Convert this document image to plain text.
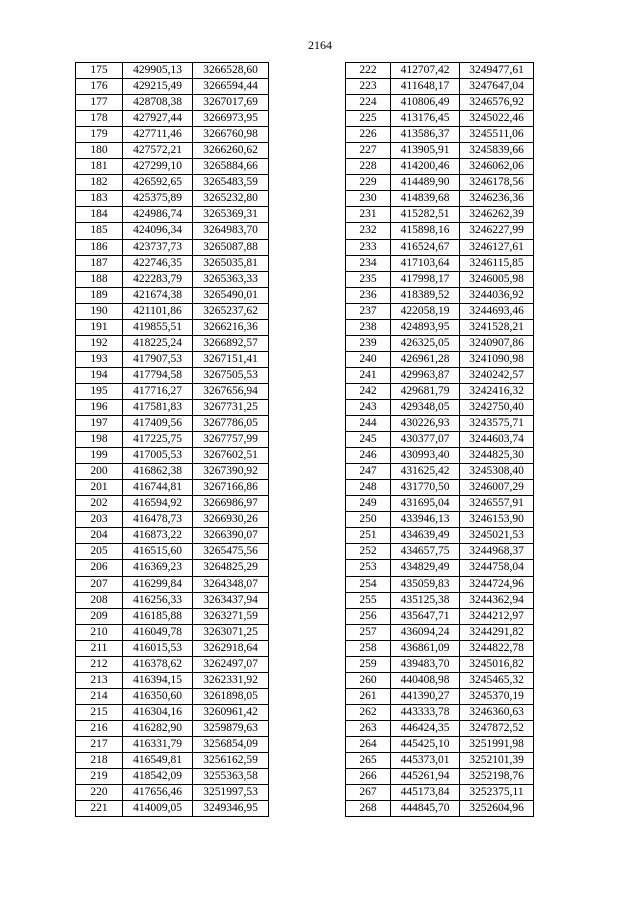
2164
175	429905,13	3266528,60
176	429215,49	3266594,44
177	428708,38	3267017,69
178	427927,44	3266973,95
179	427711,46	3266760,98
180	427572,21	3266260,62
181	427299,10	3265884,66
182	426592,65	3265483,59
183	425375,89	3265232,80
184	424986,74	3265369,31
185	424096,34	3264983,70
186	423737,73	3265087,88
187	422746,35	3265035,81
188	422283,79	3265363,33
189	421674,38	3265490,01
190	421101,86	3265237,62
191	419855,51	3266216,36
192	418225,24	3266892,57
193	417907,53	3267151,41
194	417794,58	3267505,53
195	417716,27	3267656,94
196	417581,83	3267731,25
197	417409,56	3267786,05
198	417225,75	3267757,99
199	417005,53	3267602,51
200	416862,38	3267390,92
201	416744,81	3267166,86
202	416594,92	3266986,97
203	416478,73	3266930,26
204	416873,22	3266390,07
205	416515,60	3265475,56
206	416369,23	3264825,29
207	416299,84	3264348,07
208	416256,33	3263437,94
209	416185,88	3263271,59
210	416049,78	3263071,25
211	416015,53	3262918,64
212	416378,62	3262497,07
213	416394,15	3262331,92
214	416350,60	3261898,05
215	416304,16	3260961,42
216	416282,90	3259879,63
217	416331,79	3256854,09
218	416549,81	3256162,59
219	418542,09	3255363,58
220	417656,46	3251997,53
221	414009,05	3249346,95
222	412707,42	3249477,61
223	411648,17	3247647,04
224	410806,49	3246576,92
225	413176,45	3245022,46
226	413586,37	3245511,06
227	413905,91	3245839,66
228	414200,46	3246062,06
229	414489,90	3246178,56
230	414839,68	3246236,36
231	415282,51	3246262,39
232	415898,16	3246227,99
233	416524,67	3246127,61
234	417103,64	3246115,85
235	417998,17	3246005,98
236	418389,52	3244036,92
237	422058,19	3244693,46
238	424893,95	3241528,21
239	426325,05	3240907,86
240	426961,28	3241090,98
241	429963,87	3240242,57
242	429681,79	3242416,32
243	429348,05	3242750,40
244	430226,93	3243575,71
245	430377,07	3244603,74
246	430993,40	3244825,30
247	431625,42	3245308,40
248	431770,50	3246007,29
249	431695,04	3246557,91
250	433946,13	3246153,90
251	434639,49	3245021,53
252	434657,75	3244968,37
253	434829,49	3244758,04
254	435059,83	3244724,96
255	435125,38	3244362,94
256	435647,71	3244212,97
257	436094,24	3244291,82
258	436861,09	3244822,78
259	439483,70	3245016,82
260	440408,98	3245465,32
261	441390,27	3245370,19
262	443333,78	3246360,63
263	446424,35	3247872,52
264	445425,10	3251991,98
265	445373,01	3252101,39
266	445261,94	3252198,76
267	445173,84	3252375,11
268	444845,70	3252604,96
